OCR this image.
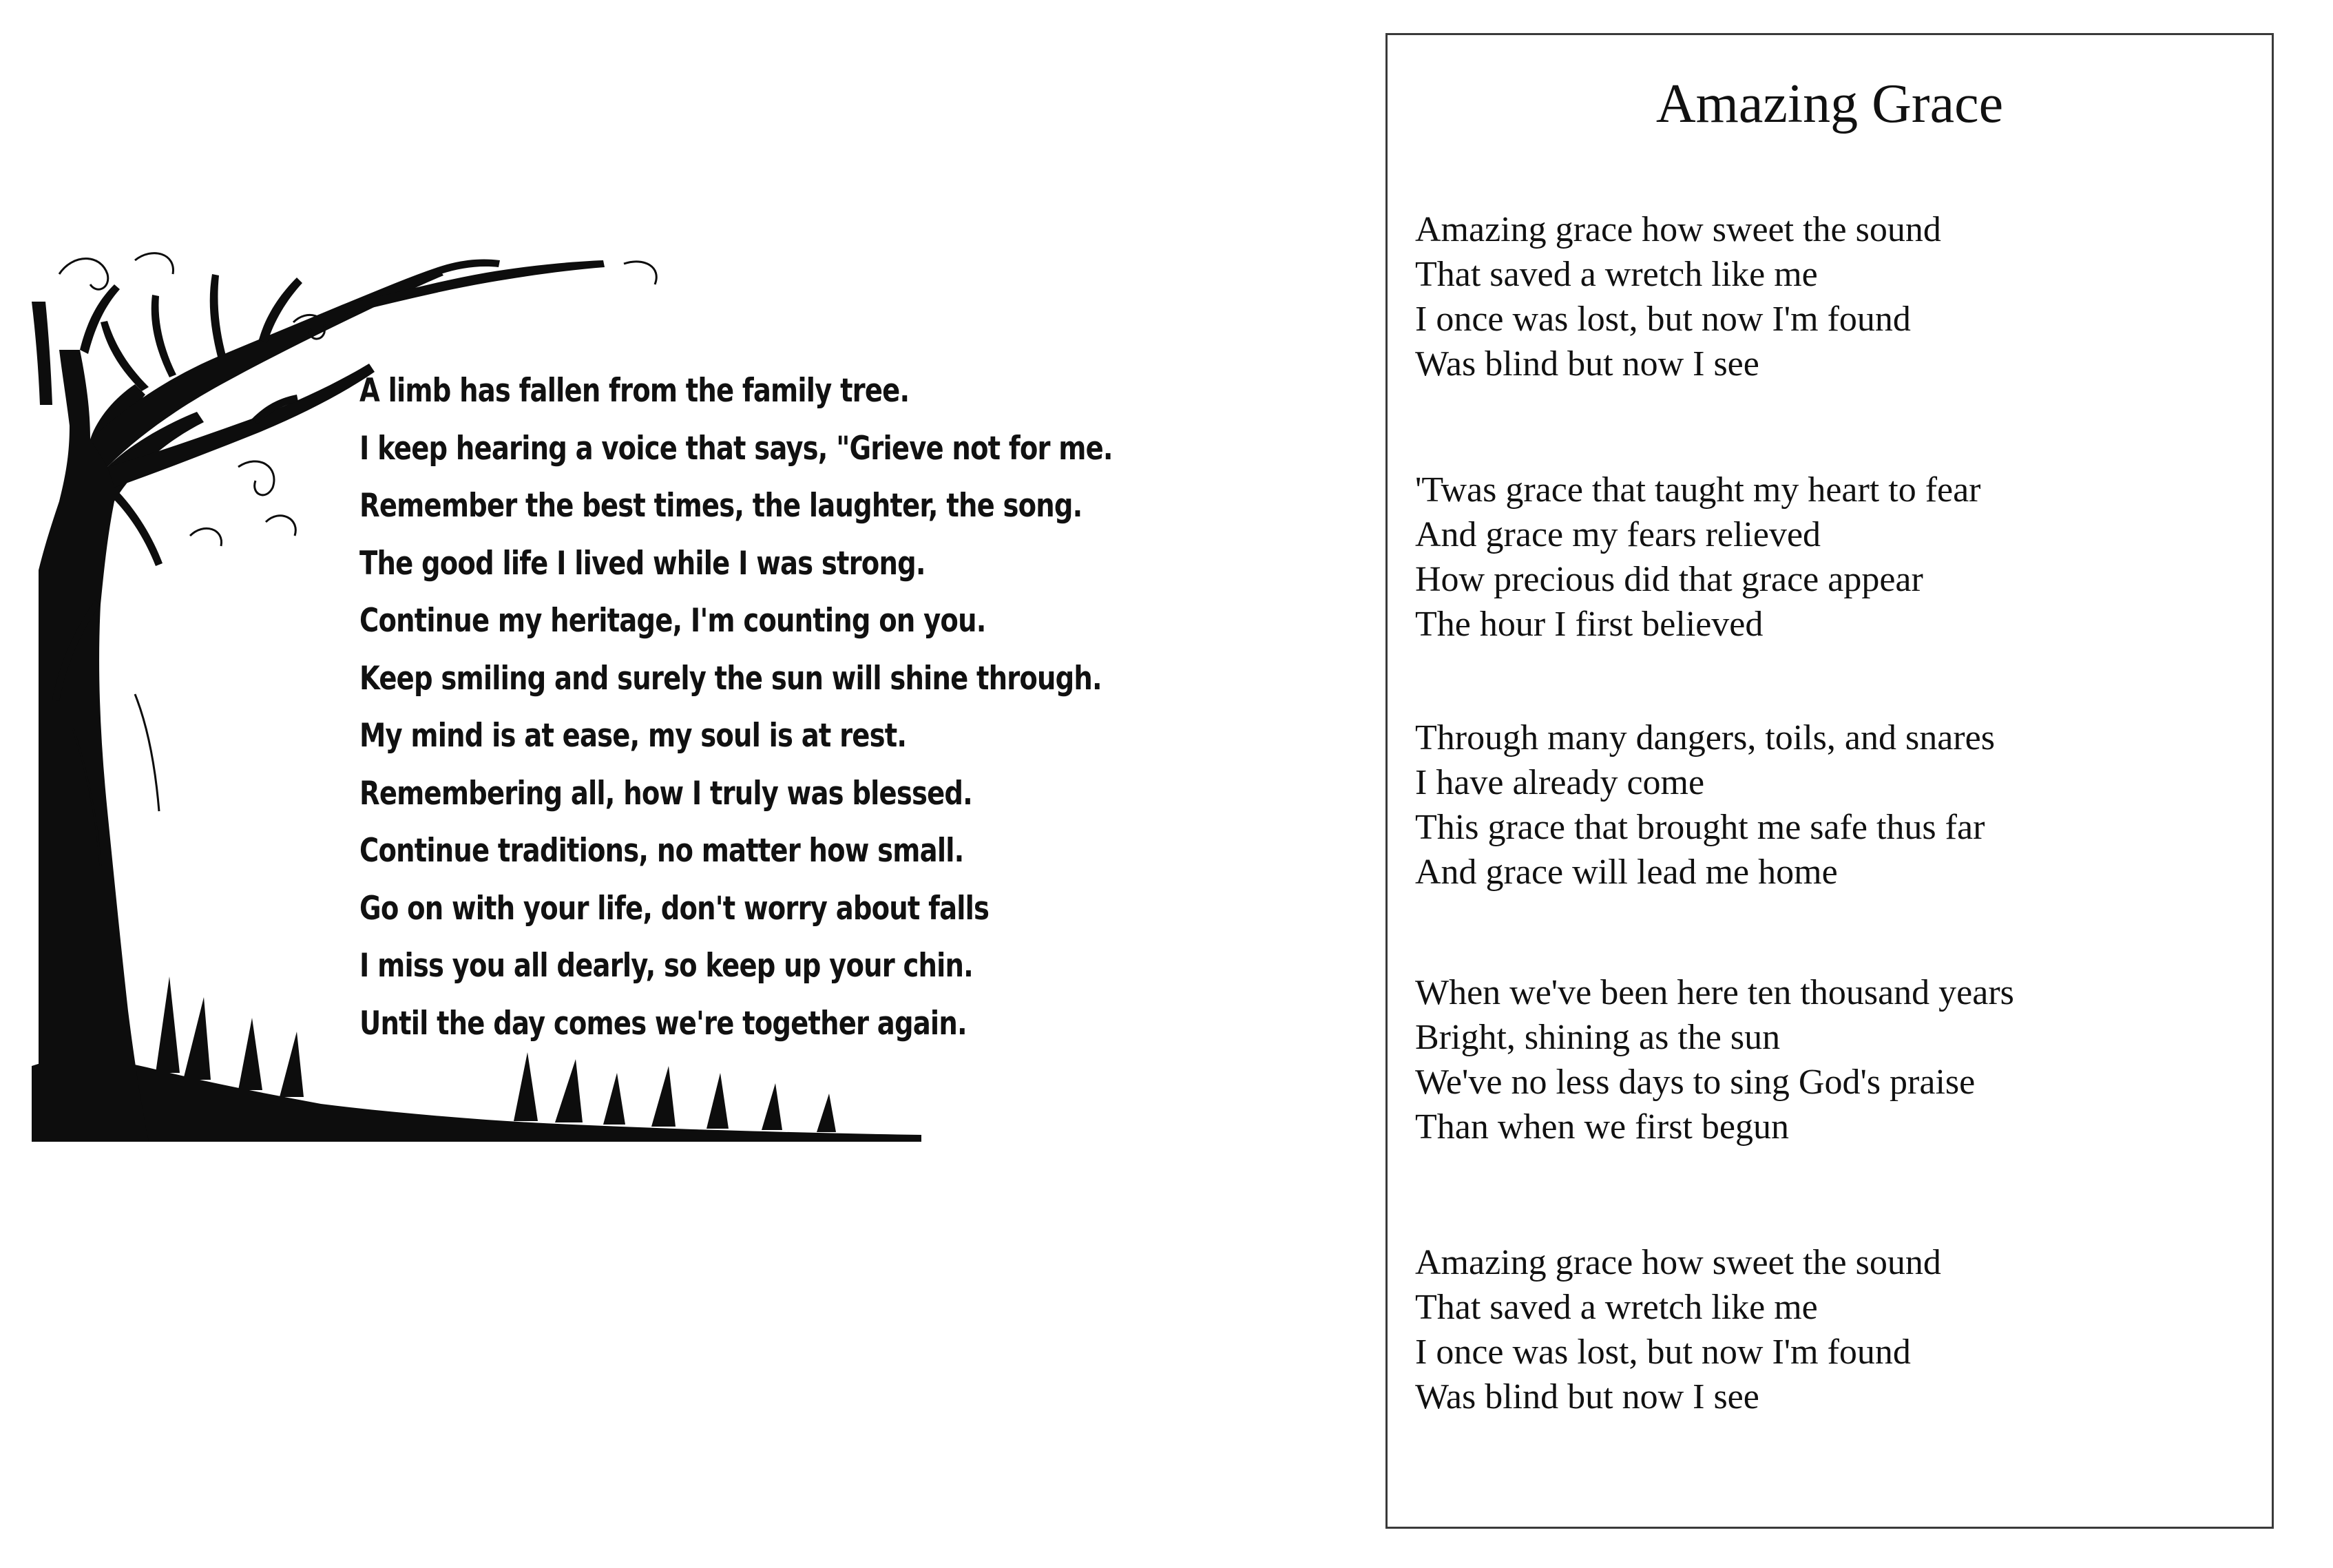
A limb has fallen from the family tree.
I keep hearing a voice that says, "Grieve not for me.
Remember the best times, the laughter, the song.
The good life I lived while I was strong.
Continue my heritage, I'm counting on you.
Keep smiling and surely the sun will shine through.
My mind is at ease, my soul is at rest.
Remembering all, how I truly was blessed.
Continue traditions, no matter how small.
Go on with your life, don't worry about falls
I miss you all dearly, so keep up your chin.
Until the day comes we're together again.
Amazing Grace
Amazing grace how sweet the sound
That saved a wretch like me
I once was lost, but now I'm found
Was blind but now I see
'Twas grace that taught my heart to fear
And grace my fears relieved
How precious did that grace appear
The hour I first believed
Through many dangers, toils, and snares
I have already come
This grace that brought me safe thus far
And grace will lead me home
When we've been here ten thousand years
Bright, shining as the sun
We've no less days to sing God's praise
Than when we first begun
Amazing grace how sweet the sound
That saved a wretch like me
I once was lost, but now I'm found
Was blind but now I see
